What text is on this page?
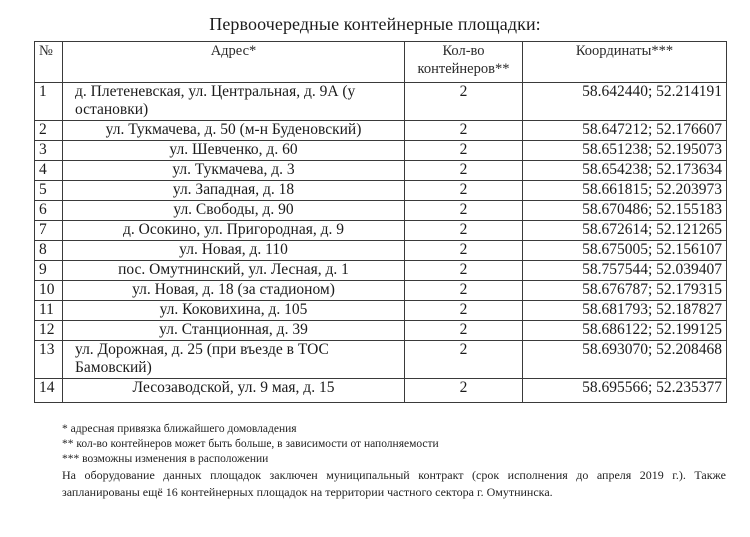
Первоочередные контейнерные площадки:
№	Адрес*	Кол-во контейнеров**	Координаты***
1	д. Плетеневская, ул. Центральная, д. 9А (у остановки)	2	58.642440; 52.214191
2	ул. Тукмачева, д. 50 (м-н Буденовский)	2	58.647212; 52.176607
3	ул. Шевченко, д. 60	2	58.651238; 52.195073
4	ул. Тукмачева, д. 3	2	58.654238; 52.173634
5	ул. Западная, д. 18	2	58.661815; 52.203973
6	ул. Свободы, д. 90	2	58.670486; 52.155183
7	д. Осокино, ул. Пригородная, д. 9	2	58.672614; 52.121265
8	ул. Новая, д. 110	2	58.675005; 52.156107
9	пос. Омутнинский, ул. Лесная, д. 1	2	58.757544; 52.039407
10	ул. Новая, д. 18 (за стадионом)	2	58.676787; 52.179315
11	ул. Коковихина, д. 105	2	58.681793; 52.187827
12	ул. Станционная, д. 39	2	58.686122; 52.199125
13	ул. Дорожная, д. 25 (при въезде в ТОС Бамовский)	2	58.693070; 52.208468
14	Лесозаводской, ул. 9 мая, д. 15	2	58.695566; 52.235377

* адресная привязка ближайшего домовладения

** кол-во контейнеров может быть больше, в зависимости от наполняемости

*** возможны изменения в расположении

На оборудование данных площадок заключен муниципальный контракт (срок исполнения до апреля 2019 г.). Также запланированы ещё 16 контейнерных площадок на территории частного сектора г. Омутнинска.
